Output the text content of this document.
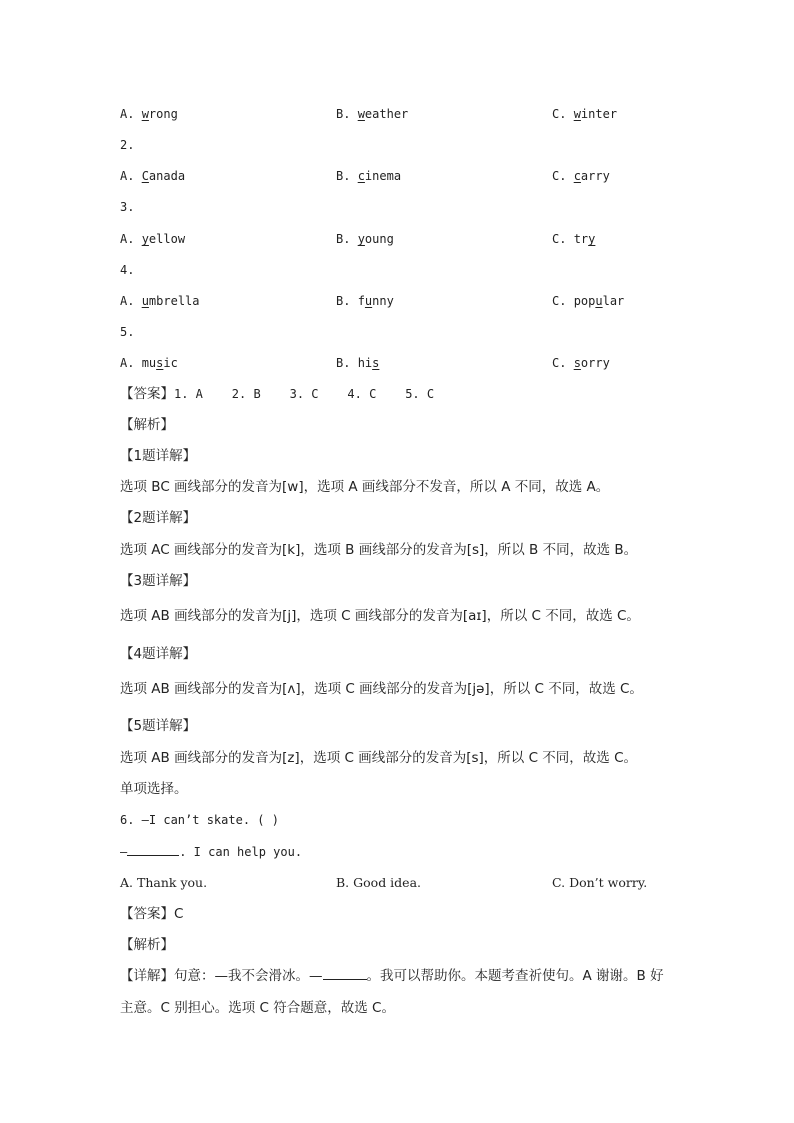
A. wrong	B. weather	C. winter
2.
A. Canada	B. cinema	C. carry
3.
A. yellow	B. young	C. try
4.
A. umbrella	B. funny	C. popular
5.
A. music	B. his	C. sorry
【答案】1. A    2. B    3. C    4. C    5. C
【解析】
【1题详解】
选项 BC 画线部分的发音为[w]，选项 A 画线部分不发音，所以 A 不同，故选 A。
【2题详解】
选项 AC 画线部分的发音为[k]，选项 B 画线部分的发音为[s]，所以 B 不同，故选 B。
【3题详解】
选项 AB 画线部分的发音为[j]，选项 C 画线部分的发音为[aɪ]，所以 C 不同，故选 C。
【4题详解】
选项 AB 画线部分的发音为[ʌ]，选项 C 画线部分的发音为[jə]，所以 C 不同，故选 C。
【5题详解】
选项 AB 画线部分的发音为[z]，选项 C 画线部分的发音为[s]，所以 C 不同，故选 C。
单项选择。
6. —I can’t skate. ( )
—	. I can help you.
A. Thank you.	B. Good idea.	C. Don’t worry.
【答案】C
【解析】
【详解】句意：—我不会滑冰。—	。我可以帮助你。本题考查祈使句。A 谢谢。B 好
主意。C 别担心。选项 C 符合题意，故选 C。
